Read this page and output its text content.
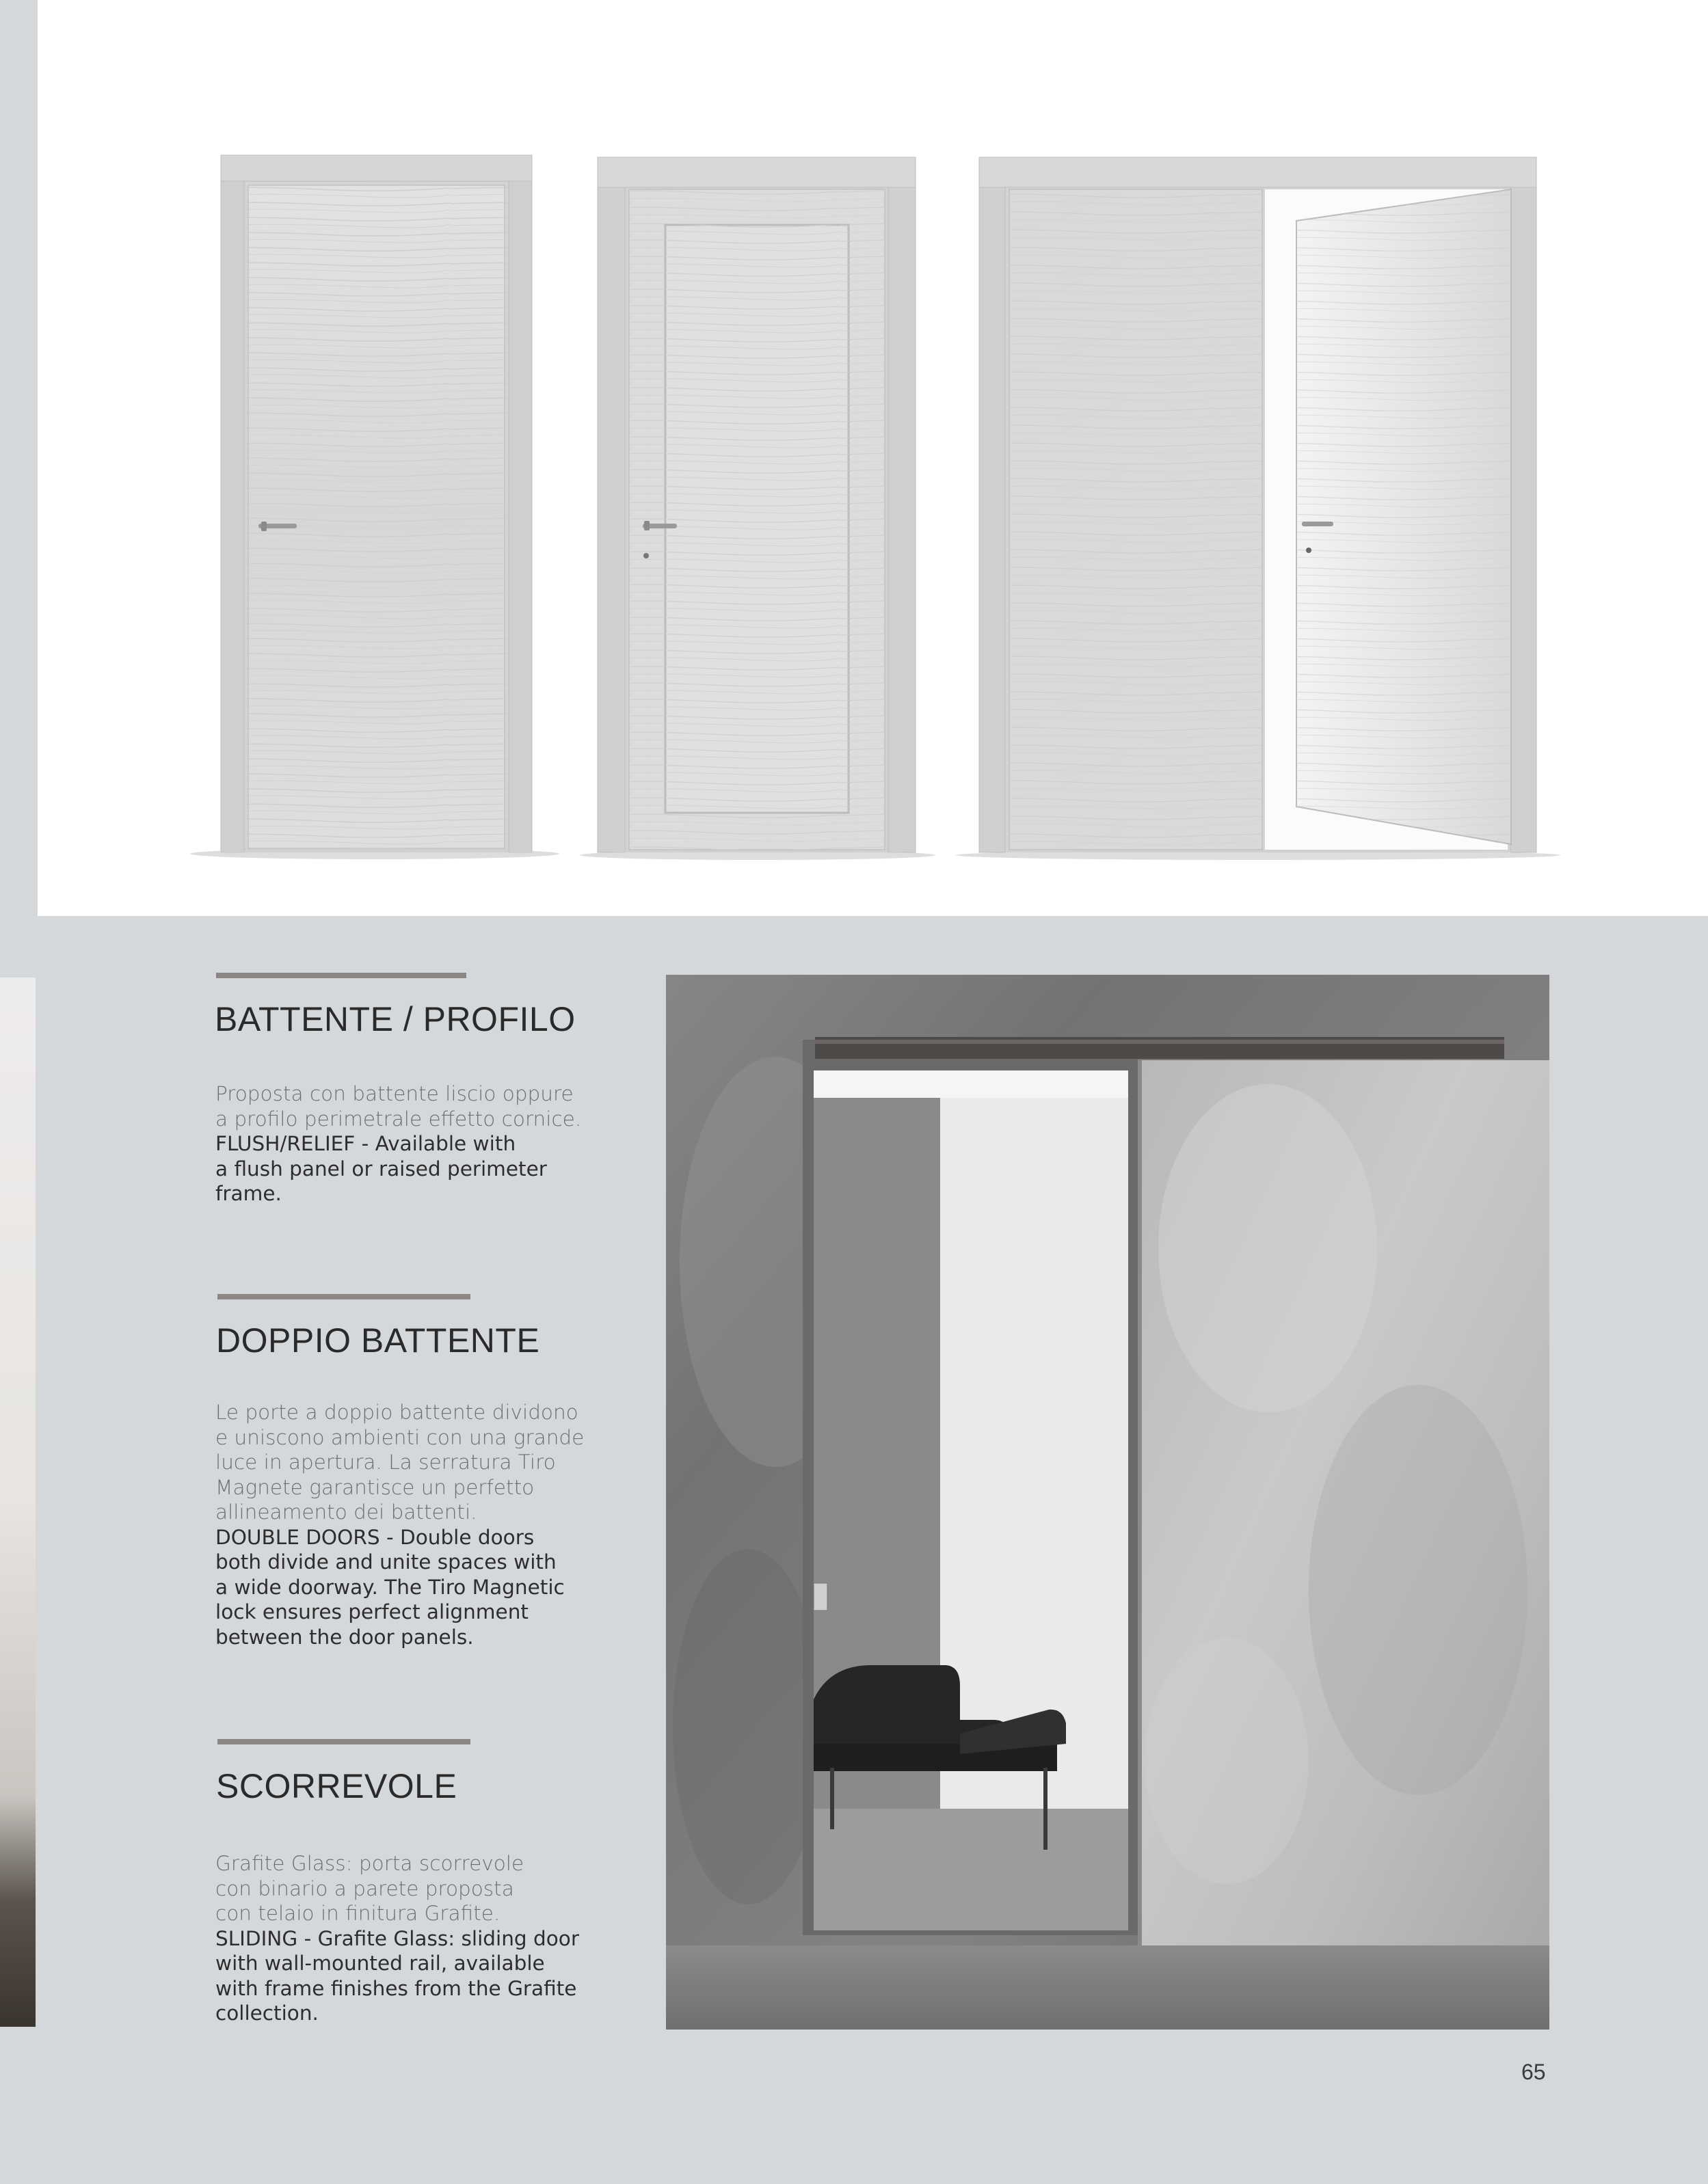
BATTENTE / PROFILO
Proposta con battente liscio oppure
a profilo perimetrale effetto cornice.
FLUSH/RELIEF - Available with
a flush panel or raised perimeter
frame.
DOPPIO BATTENTE
Le porte a doppio battente dividono
e uniscono ambienti con una grande
luce in apertura. La serratura Tiro
Magnete garantisce un perfetto
allineamento dei battenti.
DOUBLE DOORS - Double doors
both divide and unite spaces with
a wide doorway. The Tiro Magnetic
lock ensures perfect alignment
between the door panels.
SCORREVOLE
Grafite Glass: porta scorrevole
con binario a parete proposta
con telaio in finitura Grafite.
SLIDING - Grafite Glass: sliding door
with wall-mounted rail, available
with frame finishes from the Grafite
collection.
65
